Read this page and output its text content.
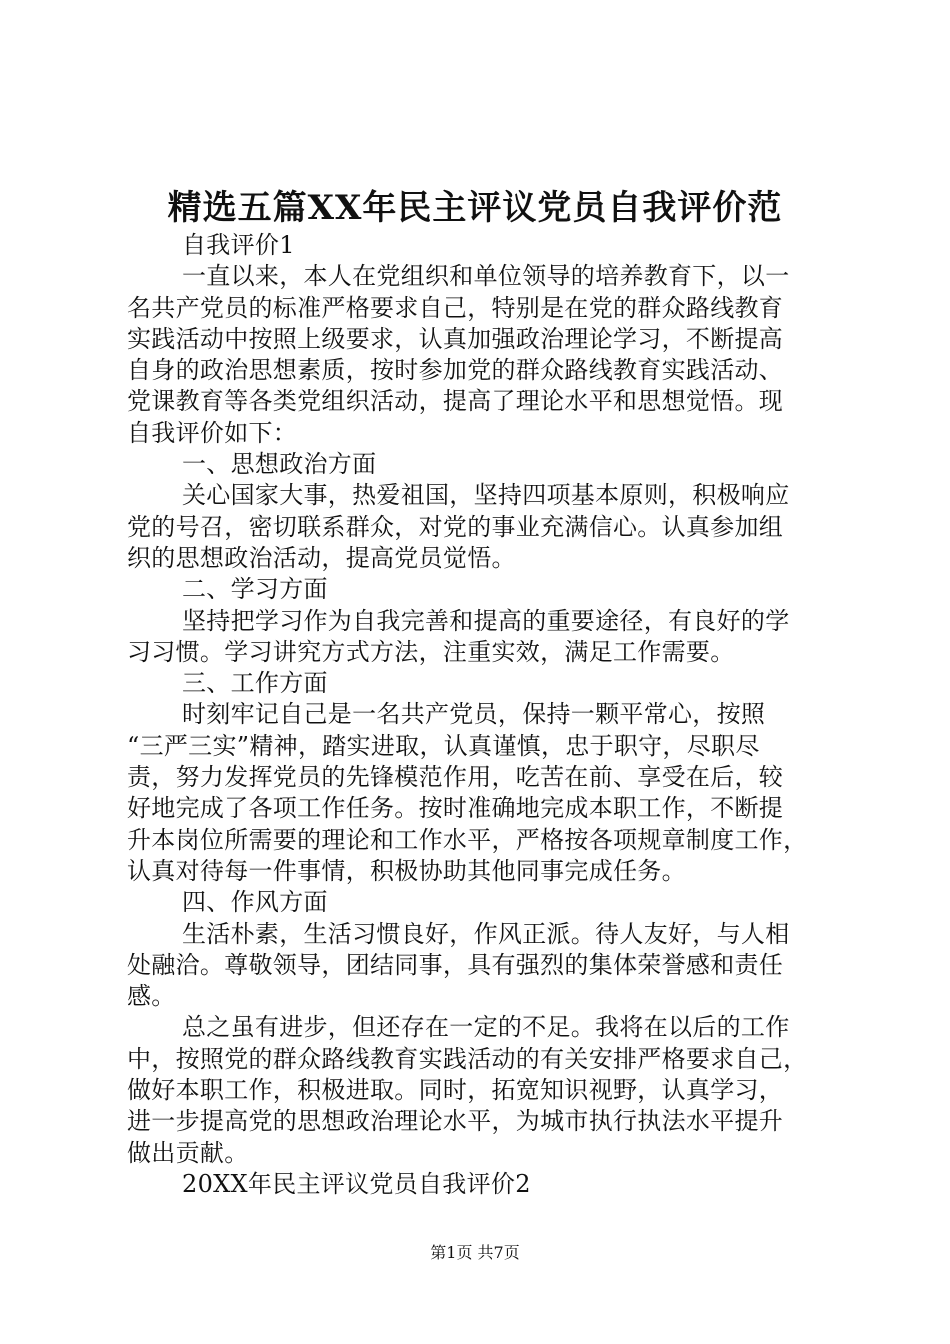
精选五篇XX年民主评议党员自我评价范
自我评价1
一直以来，本人在党组织和单位领导的培养教育下，以一
名共产党员的标准严格要求自己，特别是在党的群众路线教育
实践活动中按照上级要求，认真加强政治理论学习，不断提高
自身的政治思想素质，按时参加党的群众路线教育实践活动、
党课教育等各类党组织活动，提高了理论水平和思想觉悟。现
自我评价如下：
一、思想政治方面
关心国家大事，热爱祖国，坚持四项基本原则，积极响应
党的号召，密切联系群众，对党的事业充满信心。认真参加组
织的思想政治活动，提高党员觉悟。
二、学习方面
坚持把学习作为自我完善和提高的重要途径，有良好的学
习习惯。学习讲究方式方法，注重实效，满足工作需要。
三、工作方面
时刻牢记自己是一名共产党员，保持一颗平常心，按照
“三严三实”精神，踏实进取，认真谨慎，忠于职守，尽职尽
责，努力发挥党员的先锋模范作用，吃苦在前、享受在后，较
好地完成了各项工作任务。按时准确地完成本职工作，不断提
升本岗位所需要的理论和工作水平，严格按各项规章制度工作，
认真对待每一件事情，积极协助其他同事完成任务。
四、作风方面
生活朴素，生活习惯良好，作风正派。待人友好，与人相
处融洽。尊敬领导，团结同事，具有强烈的集体荣誉感和责任
感。
总之虽有进步，但还存在一定的不足。我将在以后的工作
中，按照党的群众路线教育实践活动的有关安排严格要求自己，
做好本职工作，积极进取。同时，拓宽知识视野，认真学习，
进一步提高党的思想政治理论水平，为城市执行执法水平提升
做出贡献。
20XX年民主评议党员自我评价2
第1页 共7页
